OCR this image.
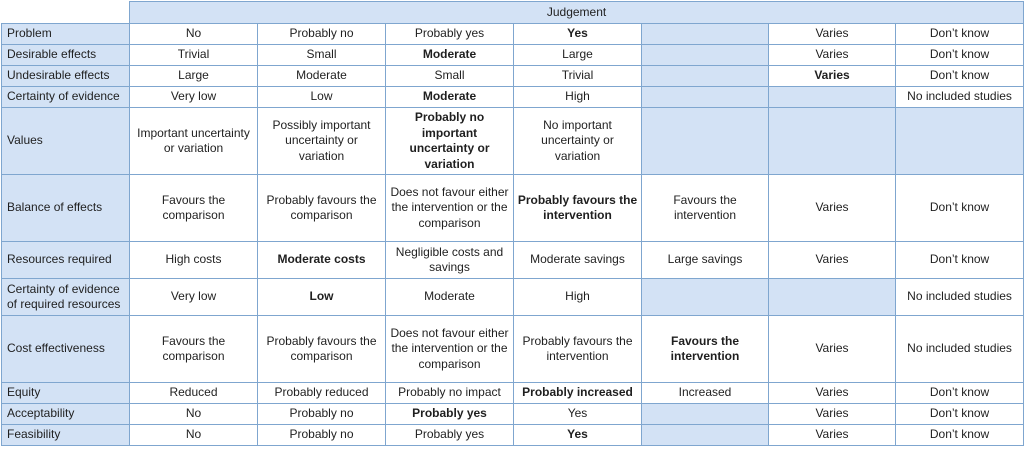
	Judgement						
Problem	No	Probably no	Probably yes	Yes		Varies	Don’t know
Desirable effects	Trivial	Small	Moderate	Large		Varies	Don’t know
Undesirable effects	Large	Moderate	Small	Trivial		Varies	Don’t know
Certainty of evidence	Very low	Low	Moderate	High			No included studies
Values	Important uncertainty or variation	Possibly important uncertainty or variation	Probably no important uncertainty or variation	No important uncertainty or variation			
Balance of effects	Favours the comparison	Probably favours the comparison	Does not favour either the intervention or the comparison	Probably favours the intervention	Favours the intervention	Varies	Don’t know
Resources required	High costs	Moderate costs	Negligible costs and savings	Moderate savings	Large savings	Varies	Don’t know
Certainty of evidence of required resources	Very low	Low	Moderate	High			No included studies
Cost effectiveness	Favours the comparison	Probably favours the comparison	Does not favour either the intervention or the comparison	Probably favours the intervention	Favours the intervention	Varies	No included studies
Equity	Reduced	Probably reduced	Probably no impact	Probably increased	Increased	Varies	Don’t know
Acceptability	No	Probably no	Probably yes	Yes		Varies	Don’t know
Feasibility	No	Probably no	Probably yes	Yes		Varies	Don’t know
